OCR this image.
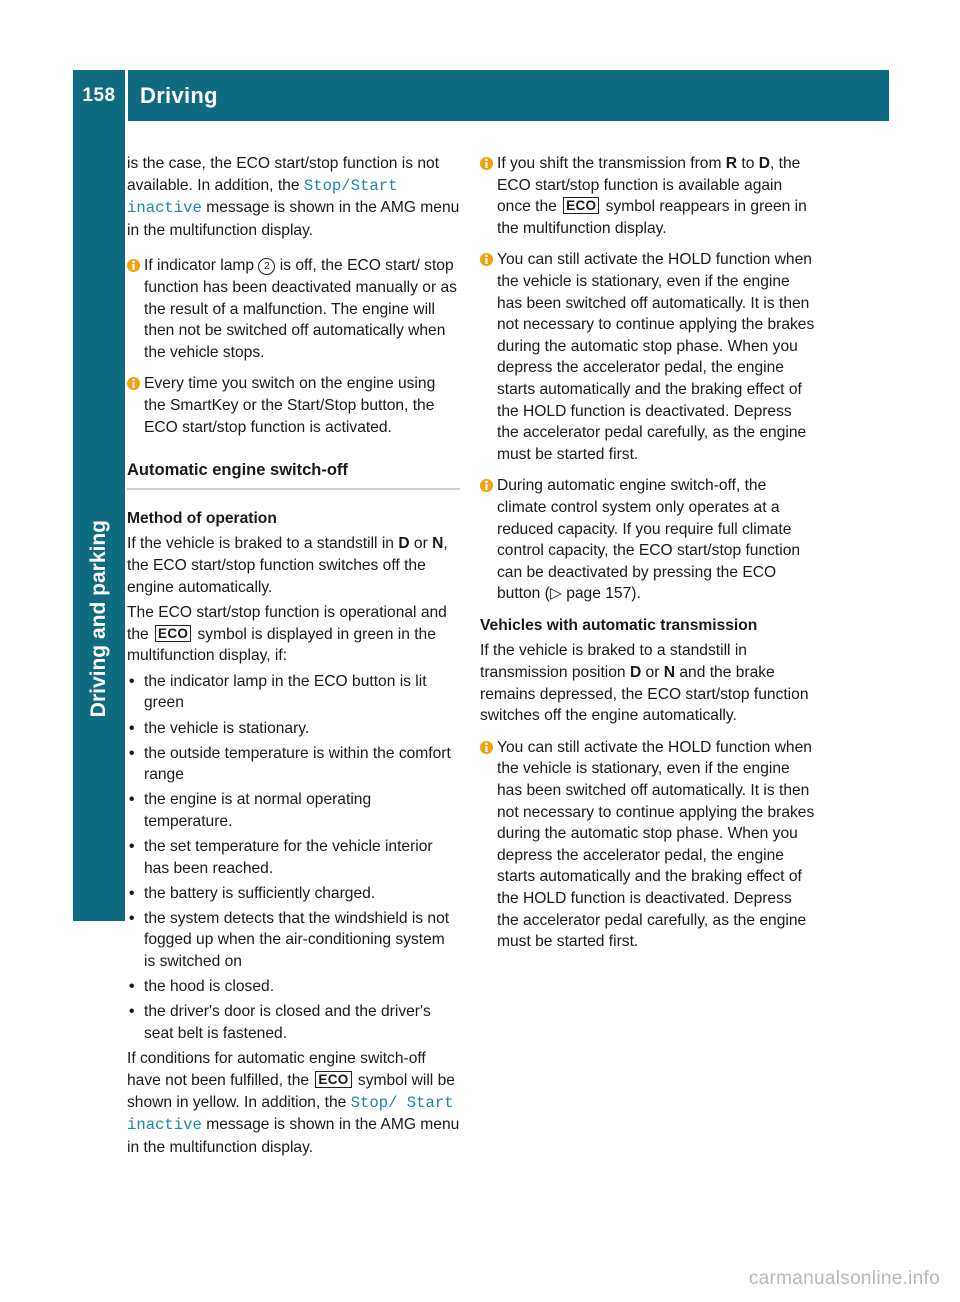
158	Driving
Driving and parking

is the case, the ECO start/stop function is not available. In addition, the Stop/Start inactive message is shown in the AMG menu in the multifunction display.

If indicator lamp 2 is off, the ECO start/ stop function has been deactivated manually or as the result of a malfunction. The engine will then not be switched off automatically when the vehicle stops.
Every time you switch on the engine using the SmartKey or the Start/Stop button, the ECO start/stop function is activated.
Automatic engine switch-off
Method of operation

If the vehicle is braked to a standstill in D or N, the ECO start/stop function switches off the engine automatically.

The ECO start/stop function is operational and the ECO symbol is displayed in green in the multifunction display, if:

• the indicator lamp in the ECO button is lit green
• the vehicle is stationary.
• the outside temperature is within the comfort range
• the engine is at normal operating temperature.
• the set temperature for the vehicle interior has been reached.
• the battery is sufficiently charged.
• the system detects that the windshield is not fogged up when the air-conditioning system is switched on
• the hood is closed.
• the driver's door is closed and the driver's seat belt is fastened.

If conditions for automatic engine switch-off have not been fulfilled, the ECO symbol will be shown in yellow. In addition, the Stop/ Start inactive message is shown in the AMG menu in the multifunction display.

If you shift the transmission from R to D, the ECO start/stop function is available again once the ECO symbol reappears in green in the multifunction display.
You can still activate the HOLD function when the vehicle is stationary, even if the engine has been switched off automatically. It is then not necessary to continue applying the brakes during the automatic stop phase. When you depress the accelerator pedal, the engine starts automatically and the braking effect of the HOLD function is deactivated. Depress the accelerator pedal carefully, as the engine must be started first.
During automatic engine switch-off, the climate control system only operates at a reduced capacity. If you require full climate control capacity, the ECO start/stop function can be deactivated by pressing the ECO button (▷ page 157).
Vehicles with automatic transmission

If the vehicle is braked to a standstill in transmission position D or N and the brake remains depressed, the ECO start/stop function switches off the engine automatically.

You can still activate the HOLD function when the vehicle is stationary, even if the engine has been switched off automatically. It is then not necessary to continue applying the brakes during the automatic stop phase. When you depress the accelerator pedal, the engine starts automatically and the braking effect of the HOLD function is deactivated. Depress the accelerator pedal carefully, as the engine must be started first.
carmanualsonline.info
